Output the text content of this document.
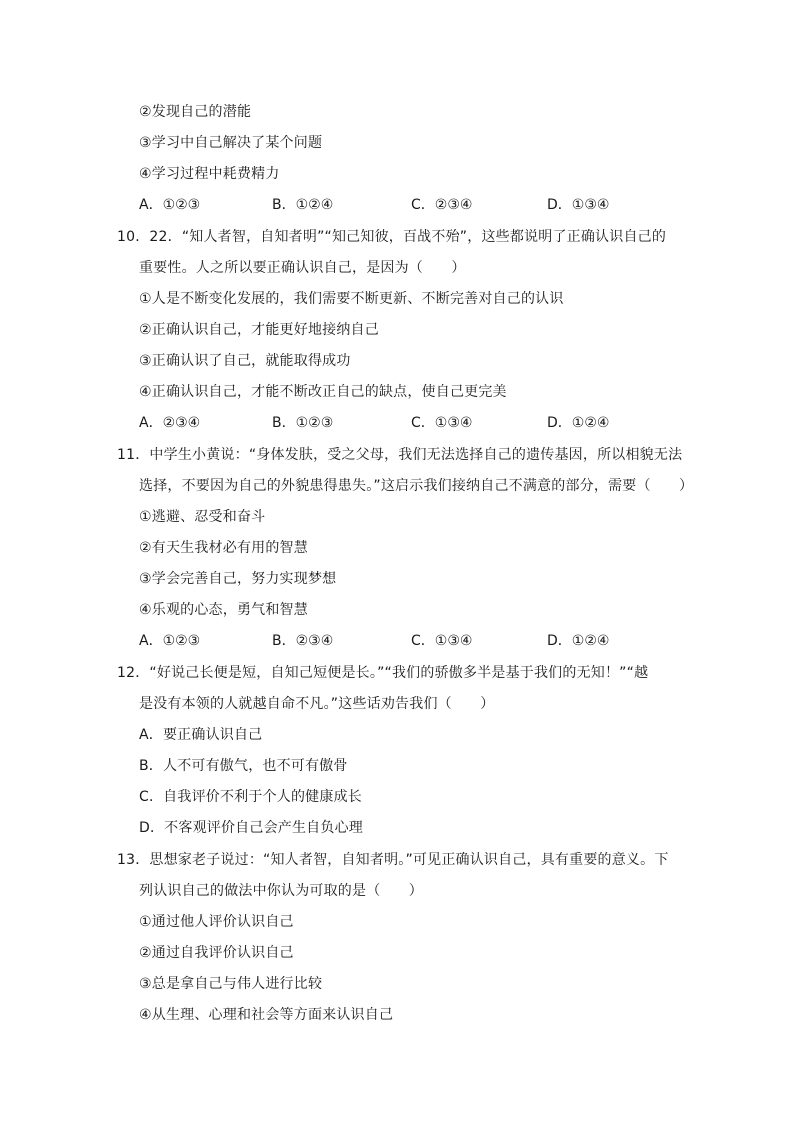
②发现自己的潜能
③学习中自己解决了某个问题
④学习过程中耗费精力
A．①②③	B．①②④	C．②③④	D．①③④
10．22．“知人者智，自知者明”“知己知彼，百战不殆”，这些都说明了正确认识自己的
重要性。人之所以要正确认识自己，是因为（　　）
①人是不断变化发展的，我们需要不断更新、不断完善对自己的认识
②正确认识自己，才能更好地接纳自己
③正确认识了自己，就能取得成功
④正确认识自己，才能不断改正自己的缺点，使自己更完美
A．②③④	B．①②③	C．①③④	D．①②④
11．中学生小黄说：“身体发肤，受之父母，我们无法选择自己的遗传基因，所以相貌无法
选择，不要因为自己的外貌患得患失。”这启示我们接纳自己不满意的部分，需要（　　）
①逃避、忍受和奋斗
②有天生我材必有用的智慧
③学会完善自己，努力实现梦想
④乐观的心态，勇气和智慧
A．①②③	B．②③④	C．①③④	D．①②④
12．“好说己长便是短，自知己短便是长。”“我们的骄傲多半是基于我们的无知！”“越
是没有本领的人就越自命不凡。”这些话劝告我们（　　）
A．要正确认识自己
B．人不可有傲气，也不可有傲骨
C．自我评价不利于个人的健康成长
D．不客观评价自己会产生自负心理
13．思想家老子说过：“知人者智，自知者明。”可见正确认识自己，具有重要的意义。下
列认识自己的做法中你认为可取的是（　　）
①通过他人评价认识自己
②通过自我评价认识自己
③总是拿自己与伟人进行比较
④从生理、心理和社会等方面来认识自己
